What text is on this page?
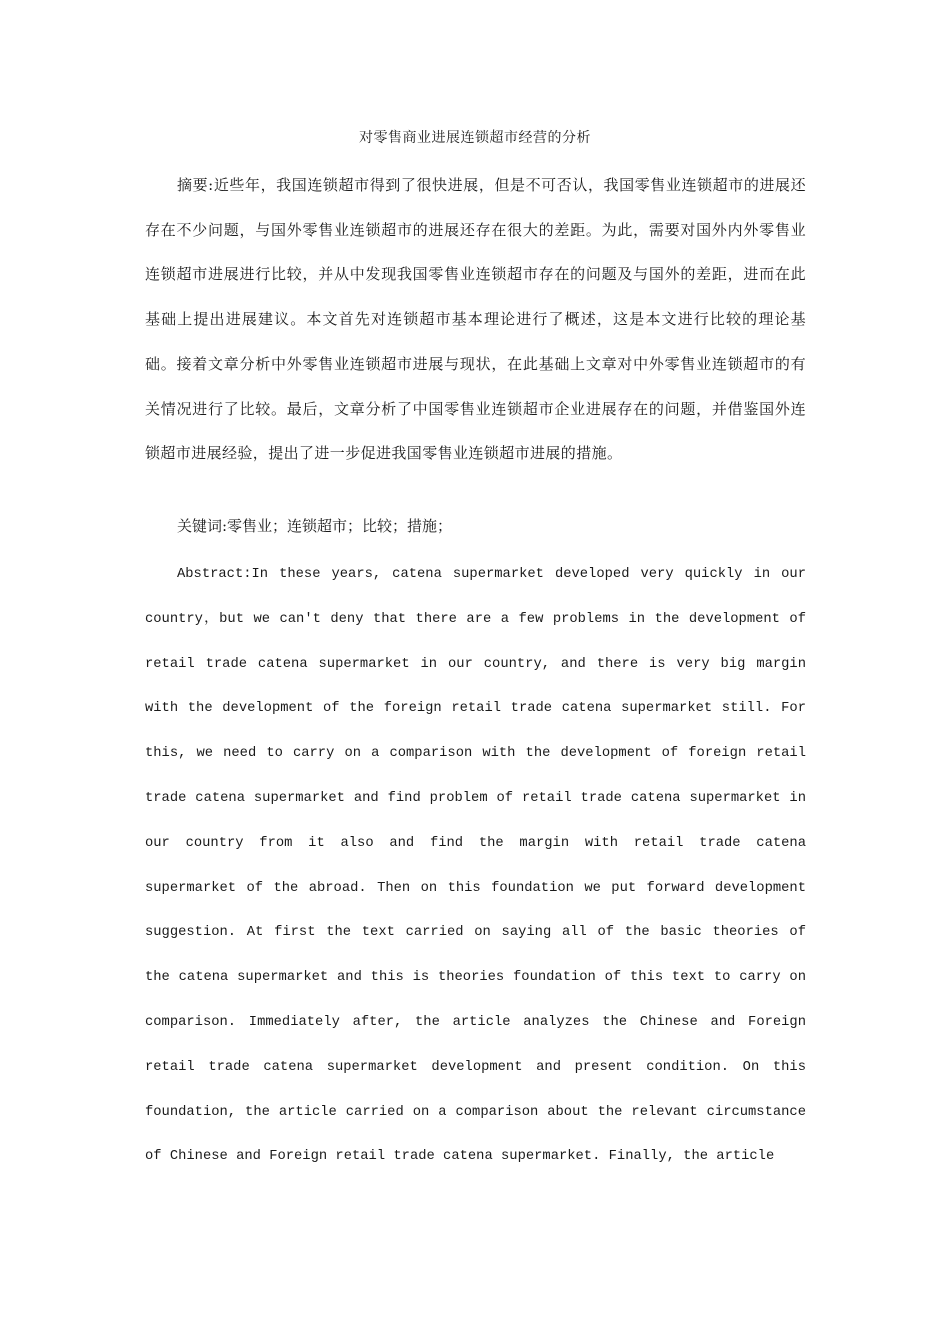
对零售商业进展连锁超市经营的分析

摘要:近些年，我国连锁超市得到了很快进展，但是不可否认，我国零售业连锁超市的进展还存在不少问题，与国外零售业连锁超市的进展还存在很大的差距。为此，需要对国外内外零售业连锁超市进展进行比较，并从中发现我国零售业连锁超市存在的问题及与国外的差距，进而在此基础上提出进展建议。本文首先对连锁超市基本理论进行了概述，这是本文进行比较的理论基础。接着文章分析中外零售业连锁超市进展与现状，在此基础上文章对中外零售业连锁超市的有关情况进行了比较。最后，文章分析了中国零售业连锁超市企业进展存在的问题，并借鉴国外连锁超市进展经验，提出了进一步促进我国零售业连锁超市进展的措施。

关键词:零售业；连锁超市；比较；措施；

Abstract:In these years, catena supermarket developed very quickly in our country，but we can't deny that there are a few problems in the development of retail trade catena supermarket in our country, and there is very big margin with the development of the foreign retail trade catena supermarket still. For this, we need to carry on a comparison with the development of foreign retail trade catena supermarket and find problem of retail trade catena supermarket in our country from it also and find the margin with retail trade catena supermarket of the abroad. Then on this foundation we put forward development suggestion. At first the text carried on saying all of the basic theories of the catena supermarket and this is theories foundation of this text to carry on comparison. Immediately after, the article analyzes the Chinese and Foreign retail trade catena supermarket development and present condition. On this foundation, the article carried on a comparison about the relevant circumstance of Chinese and Foreign retail trade catena supermarket. Finally, the article
